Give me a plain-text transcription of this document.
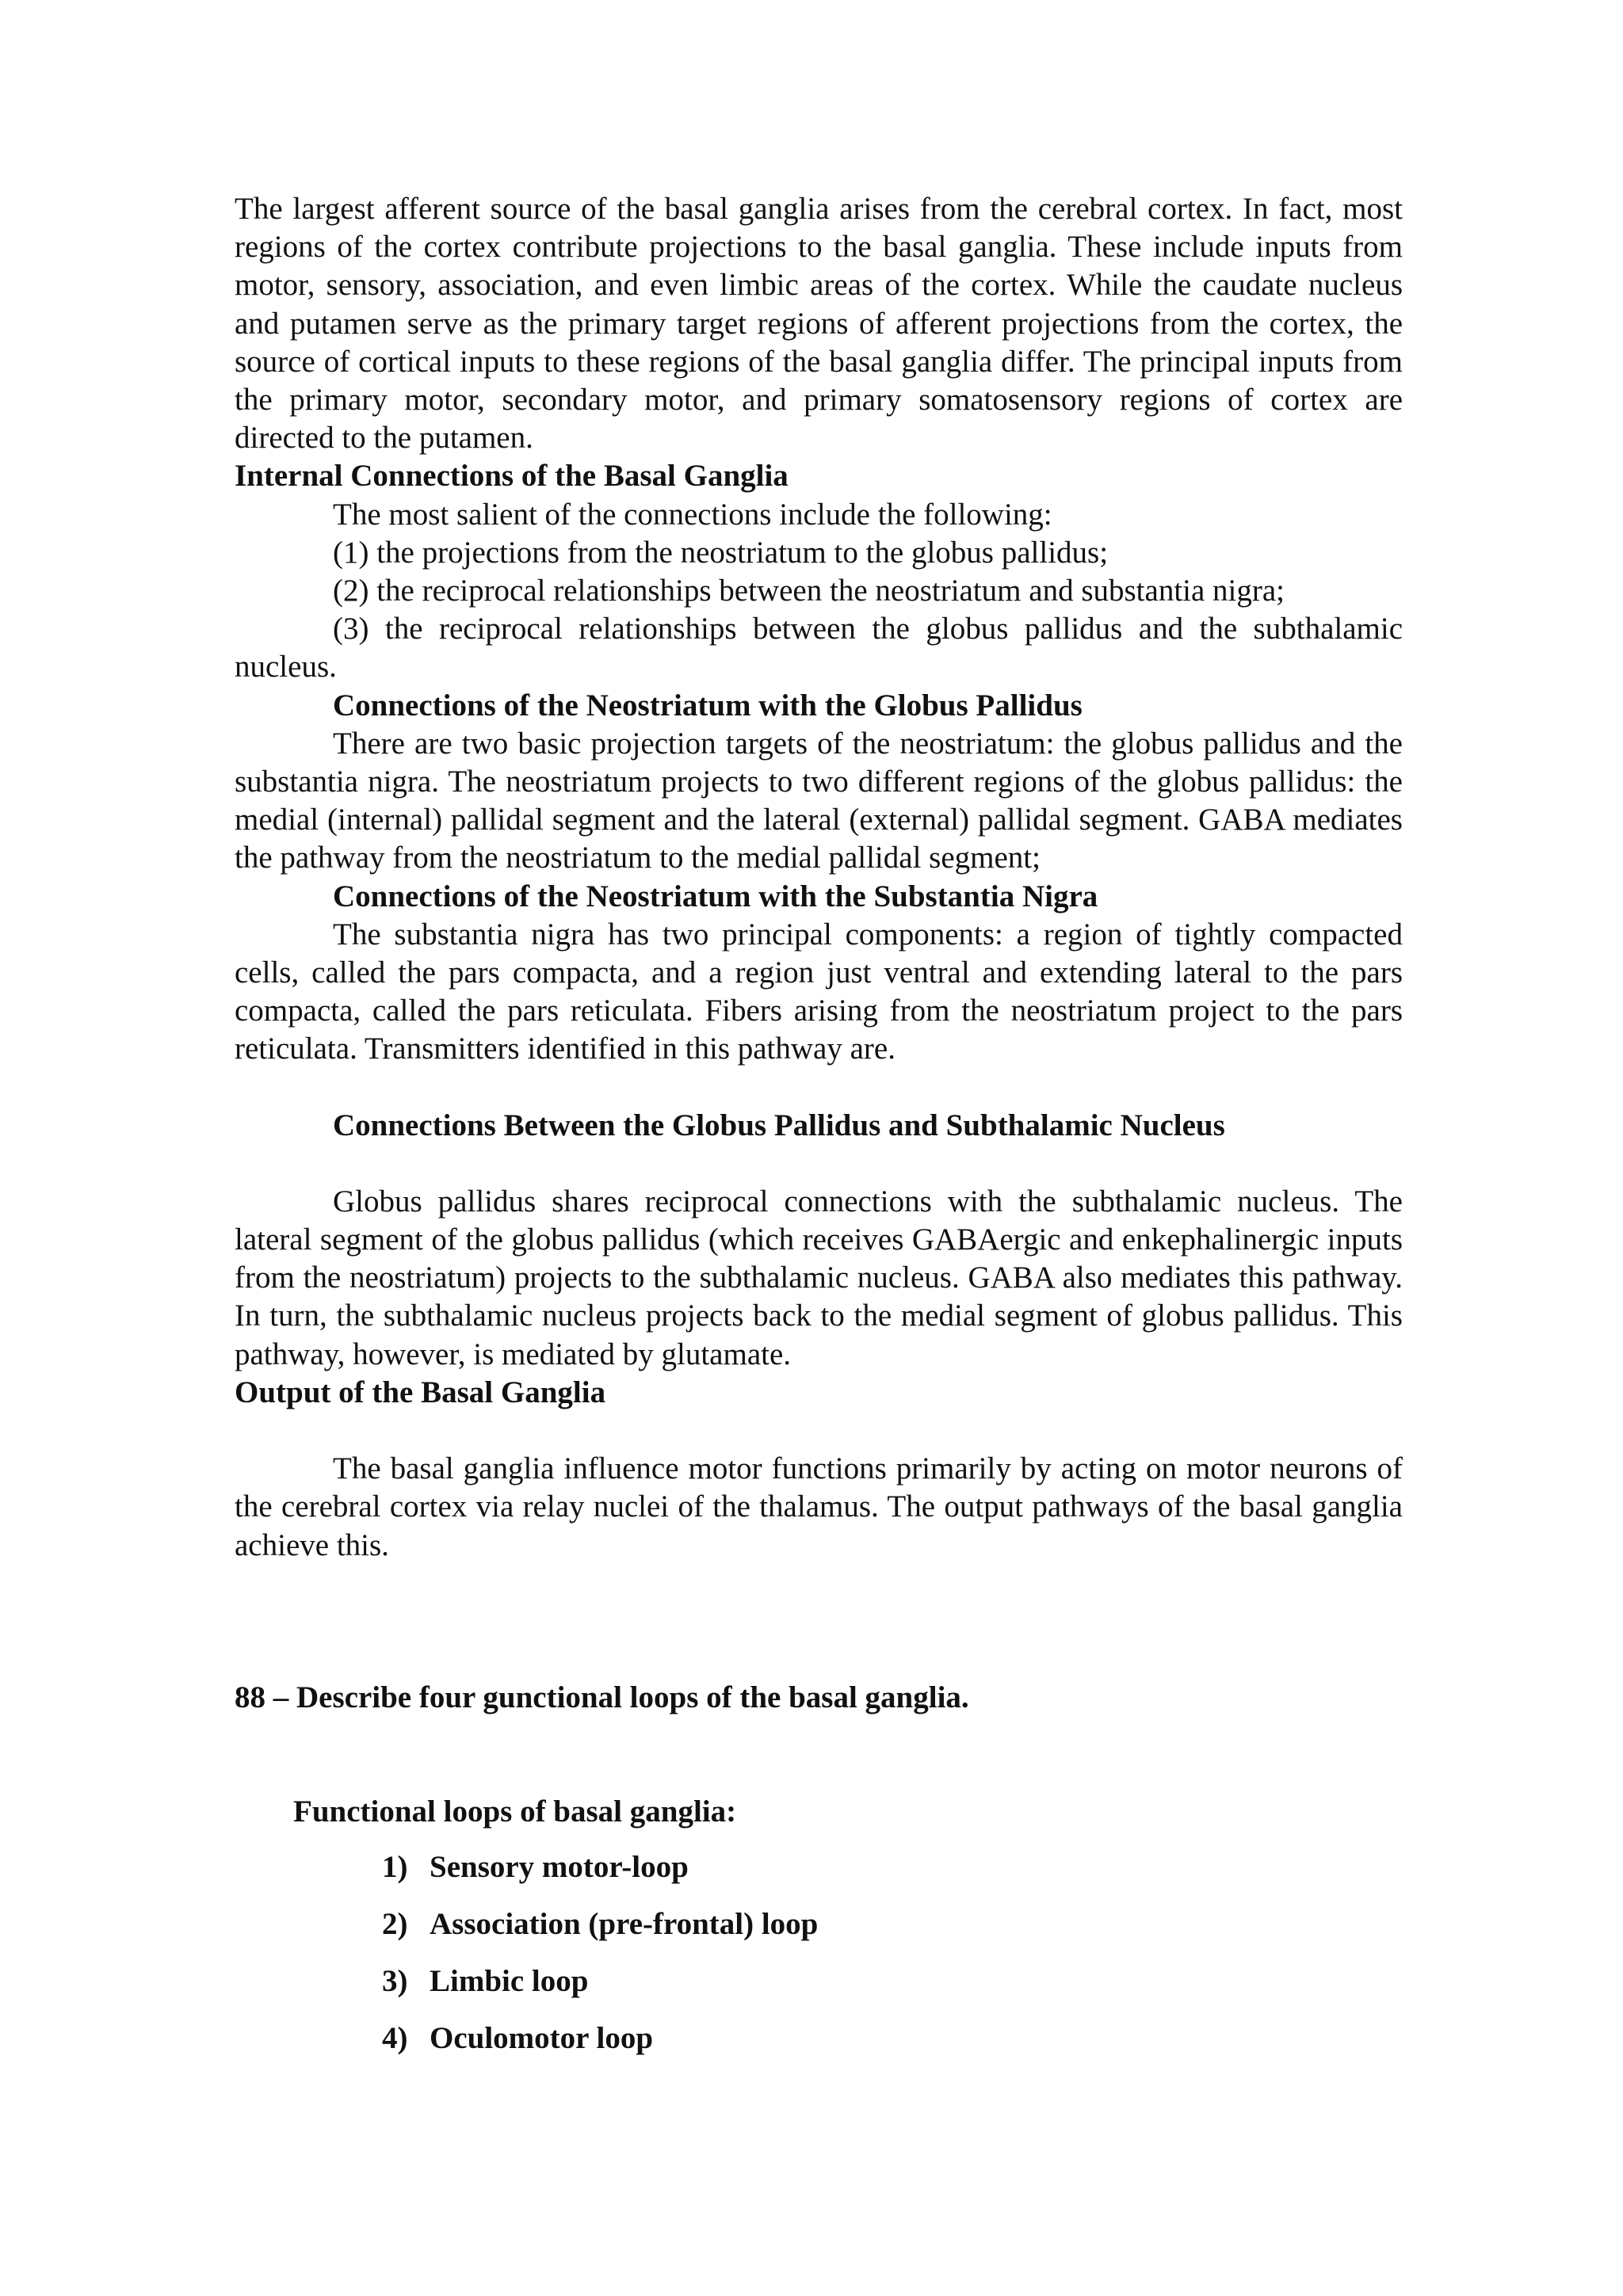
The largest afferent source of the basal ganglia arises from the cerebral cortex. In fact, most regions of the cortex contribute projections to the basal ganglia. These include inputs from motor, sensory, association, and even limbic areas of the cortex. While the caudate nucleus and putamen serve as the primary target regions of afferent projections from the cortex, the source of cortical inputs to these regions of the basal ganglia differ. The principal inputs from the primary motor, secondary motor, and primary somatosensory regions of cortex are directed to the putamen.

Internal Connections of the Basal Ganglia

The most salient of the connections include the following:

(1) the projections from the neostriatum to the globus pallidus;

(2) the reciprocal relationships between the neostriatum and substantia nigra;

(3) the reciprocal relationships between the globus pallidus and the subthalamic nucleus.

Connections of the Neostriatum with the Globus Pallidus

There are two basic projection targets of the neostriatum: the globus pallidus and the substantia nigra. The neostriatum projects to two different regions of the globus pallidus: the medial (internal) pallidal segment and the lateral (external) pallidal segment. GABA mediates the pathway from the neostriatum to the medial pallidal segment;

Connections of the Neostriatum with the Substantia Nigra

The substantia nigra has two principal components: a region of tightly compacted cells, called the pars compacta, and a region just ventral and extending lateral to the pars compacta, called the pars reticulata. Fibers arising from the neostriatum project to the pars reticulata. Transmitters identified in this pathway are.

Connections Between the Globus Pallidus and Subthalamic Nucleus

Globus pallidus shares reciprocal connections with the subthalamic nucleus. The lateral segment of the globus pallidus (which receives GABAergic and enkephalinergic inputs from the neostriatum) projects to the subthalamic nucleus. GABA also mediates this pathway. In turn, the subthalamic nucleus projects back to the medial segment of globus pallidus. This pathway, however, is mediated by glutamate.

Output of the Basal Ganglia

The basal ganglia influence motor functions primarily by acting on motor neurons of the cerebral cortex via relay nuclei of the thalamus. The output pathways of the basal ganglia achieve this.

88 – Describe four gunctional loops of the basal ganglia.

Functional loops of basal ganglia:

1) Sensory motor-loop
2) Association (pre-frontal) loop
3) Limbic loop
4) Oculomotor loop
